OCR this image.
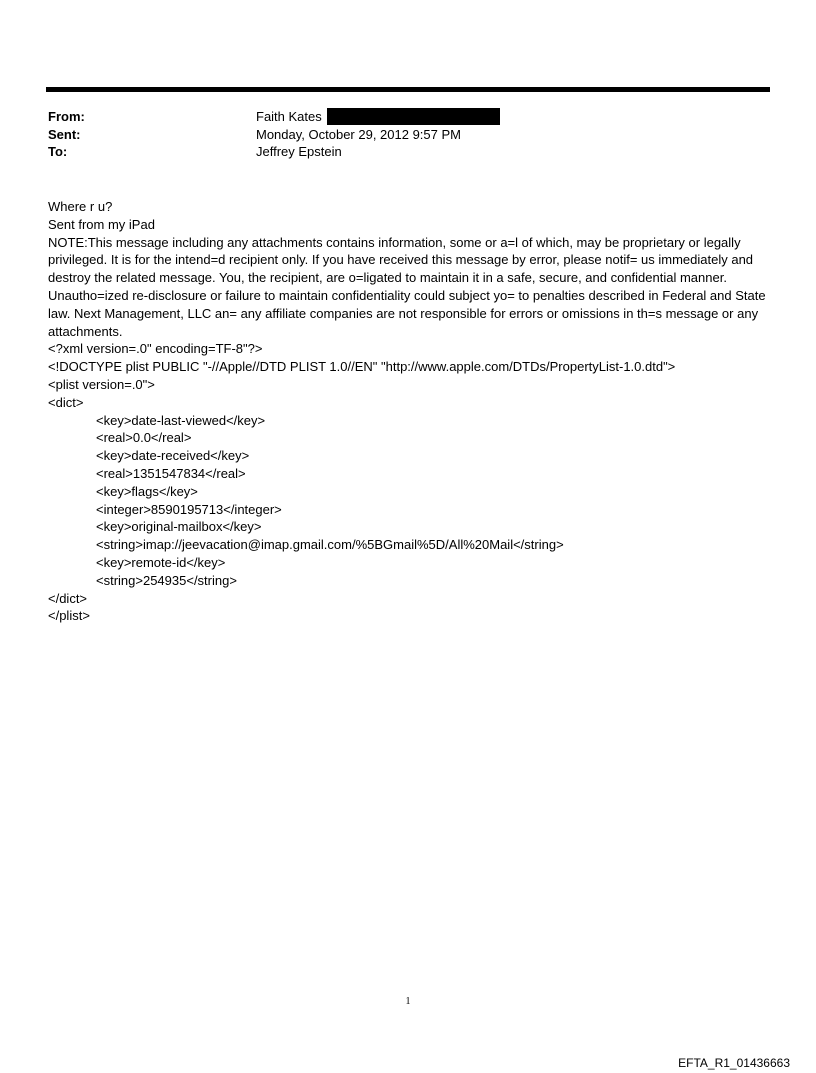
From:	Faith Kates
Sent:	Monday, October 29, 2012 9:57 PM
To:	Jeffrey Epstein

Where r u?

Sent from my iPad

NOTE:This message including any attachments contains information, some or a=l of which, may be proprietary or legally privileged. It is for the intend=d recipient only. If you have received this message by error, please notif= us immediately and destroy the related message. You, the recipient, are o=ligated to maintain it in a safe, secure, and confidential manner. Unautho=ized re-disclosure or failure to maintain confidentiality could subject yo= to penalties described in Federal and State law. Next Management, LLC an= any affiliate companies are not responsible for errors or omissions in th=s message or any attachments.

<?xml version=.0" encoding=TF-8"?>
<!DOCTYPE plist PUBLIC "-//Apple//DTD PLIST 1.0//EN" "http://www.apple.com/DTDs/PropertyList-1.0.dtd">
<plist version=.0">
<dict>
<key>date-last-viewed</key>
<real>0.0</real>
<key>date-received</key>
<real>1351547834</real>
<key>flags</key>
<integer>8590195713</integer>
<key>original-mailbox</key>
<string>imap://jeevacation@imap.gmail.com/%5BGmail%5D/All%20Mail</string>
<key>remote-id</key>
<string>254935</string>
</dict>
</plist>
1
EFTA_R1_01436663
